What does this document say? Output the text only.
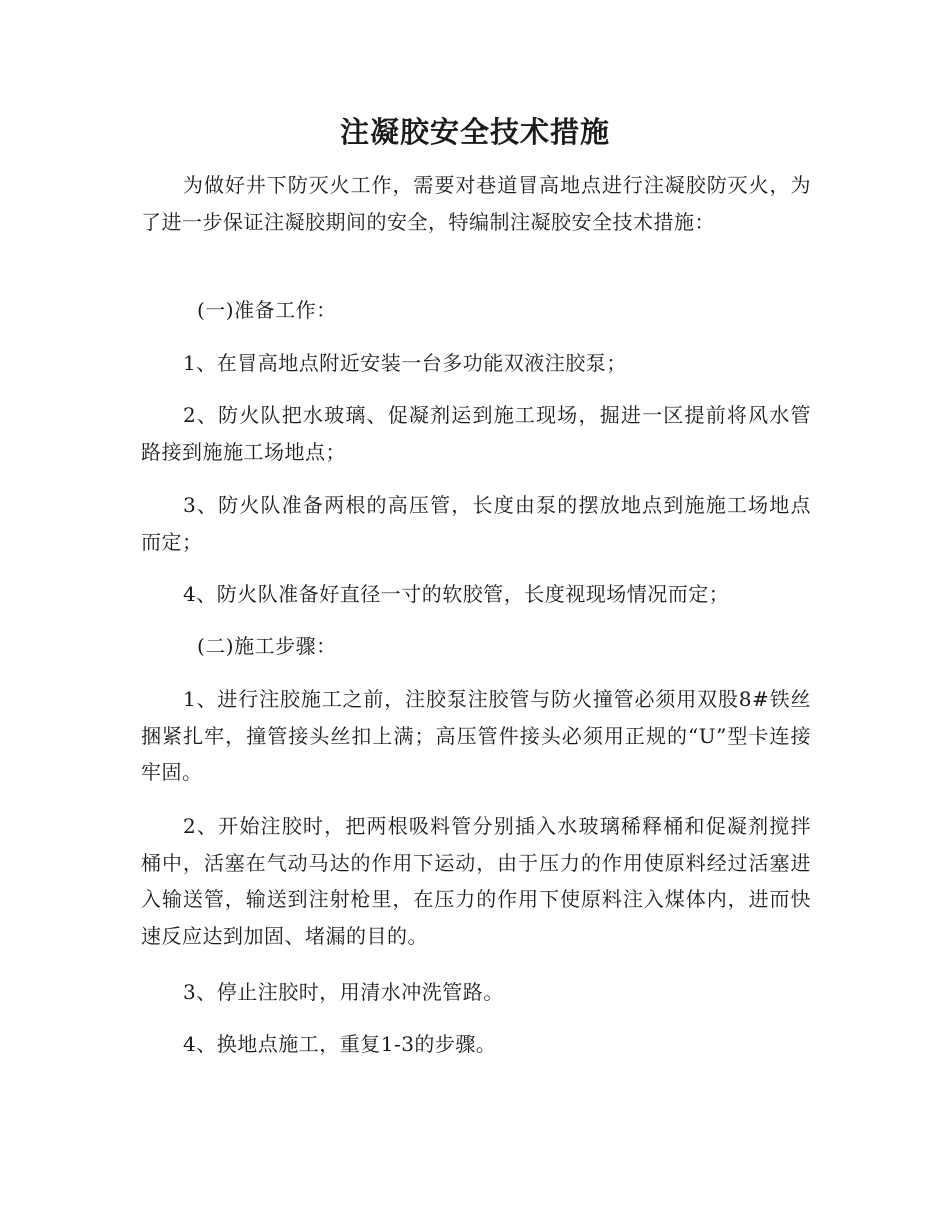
注凝胶安全技术措施
为做好井下防灭火工作，需要对巷道冒高地点进行注凝胶防灭火，为了进一步保证注凝胶期间的安全，特编制注凝胶安全技术措施：
(一)准备工作：
1、在冒高地点附近安装一台多功能双液注胶泵；
2、防火队把水玻璃、促凝剂运到施工现场，掘进一区提前将风水管路接到施施工场地点；
3、防火队准备两根的高压管，长度由泵的摆放地点到施施工场地点而定；
4、防火队准备好直径一寸的软胶管，长度视现场情况而定；
(二)施工步骤：
1、进行注胶施工之前，注胶泵注胶管与防火撞管必须用双股8#铁丝捆紧扎牢，撞管接头丝扣上满；高压管件接头必须用正规的“U”型卡连接牢固。
2、开始注胶时，把两根吸料管分别插入水玻璃稀释桶和促凝剂搅拌桶中，活塞在气动马达的作用下运动，由于压力的作用使原料经过活塞进入输送管，输送到注射枪里，在压力的作用下使原料注入煤体内，进而快速反应达到加固、堵漏的目的。
3、停止注胶时，用清水冲洗管路。
4、换地点施工，重复1-3的步骤。
